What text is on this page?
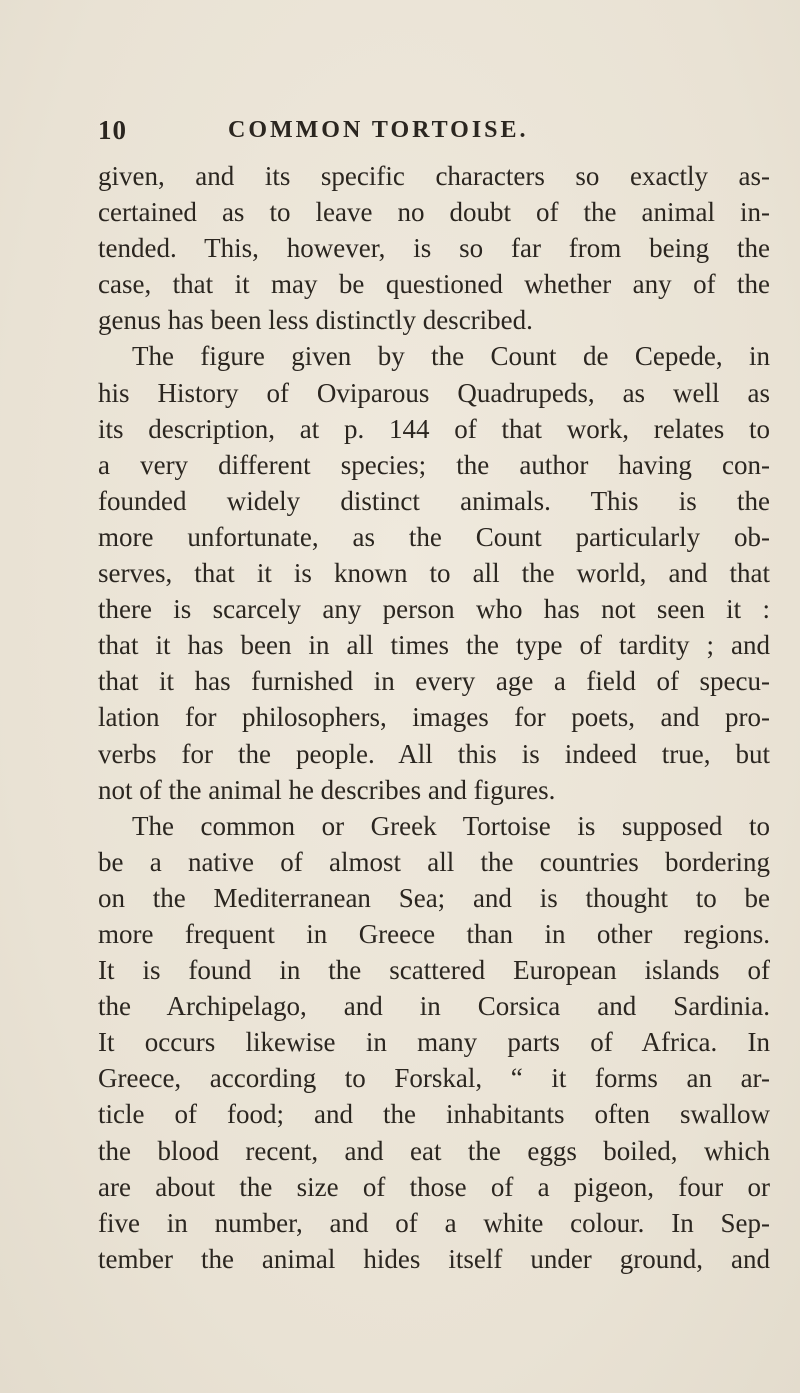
10	COMMON TORTOISE.
given, and its specific characters so exactly as-
certained as to leave no doubt of the animal in-
tended. This, however, is so far from being the
case, that it may be questioned whether any of the
genus has been less distinctly described.
The figure given by the Count de Cepede, in
his History of Oviparous Quadrupeds, as well as
its description, at p. 144 of that work, relates to
a very different species; the author having con-
founded widely distinct animals. This is the
more unfortunate, as the Count particularly ob-
serves, that it is known to all the world, and that
there is scarcely any person who has not seen it :
that it has been in all times the type of tardity ; and
that it has furnished in every age a field of specu-
lation for philosophers, images for poets, and pro-
verbs for the people. All this is indeed true, but
not of the animal he describes and figures.
The common or Greek Tortoise is supposed to
be a native of almost all the countries bordering
on the Mediterranean Sea; and is thought to be
more frequent in Greece than in other regions.
It is found in the scattered European islands of
the Archipelago, and in Corsica and Sardinia.
It occurs likewise in many parts of Africa. In
Greece, according to Forskal, “ it forms an ar-
ticle of food; and the inhabitants often swallow
the blood recent, and eat the eggs boiled, which
are about the size of those of a pigeon, four or
five in number, and of a white colour. In Sep-
tember the animal hides itself under ground, and
